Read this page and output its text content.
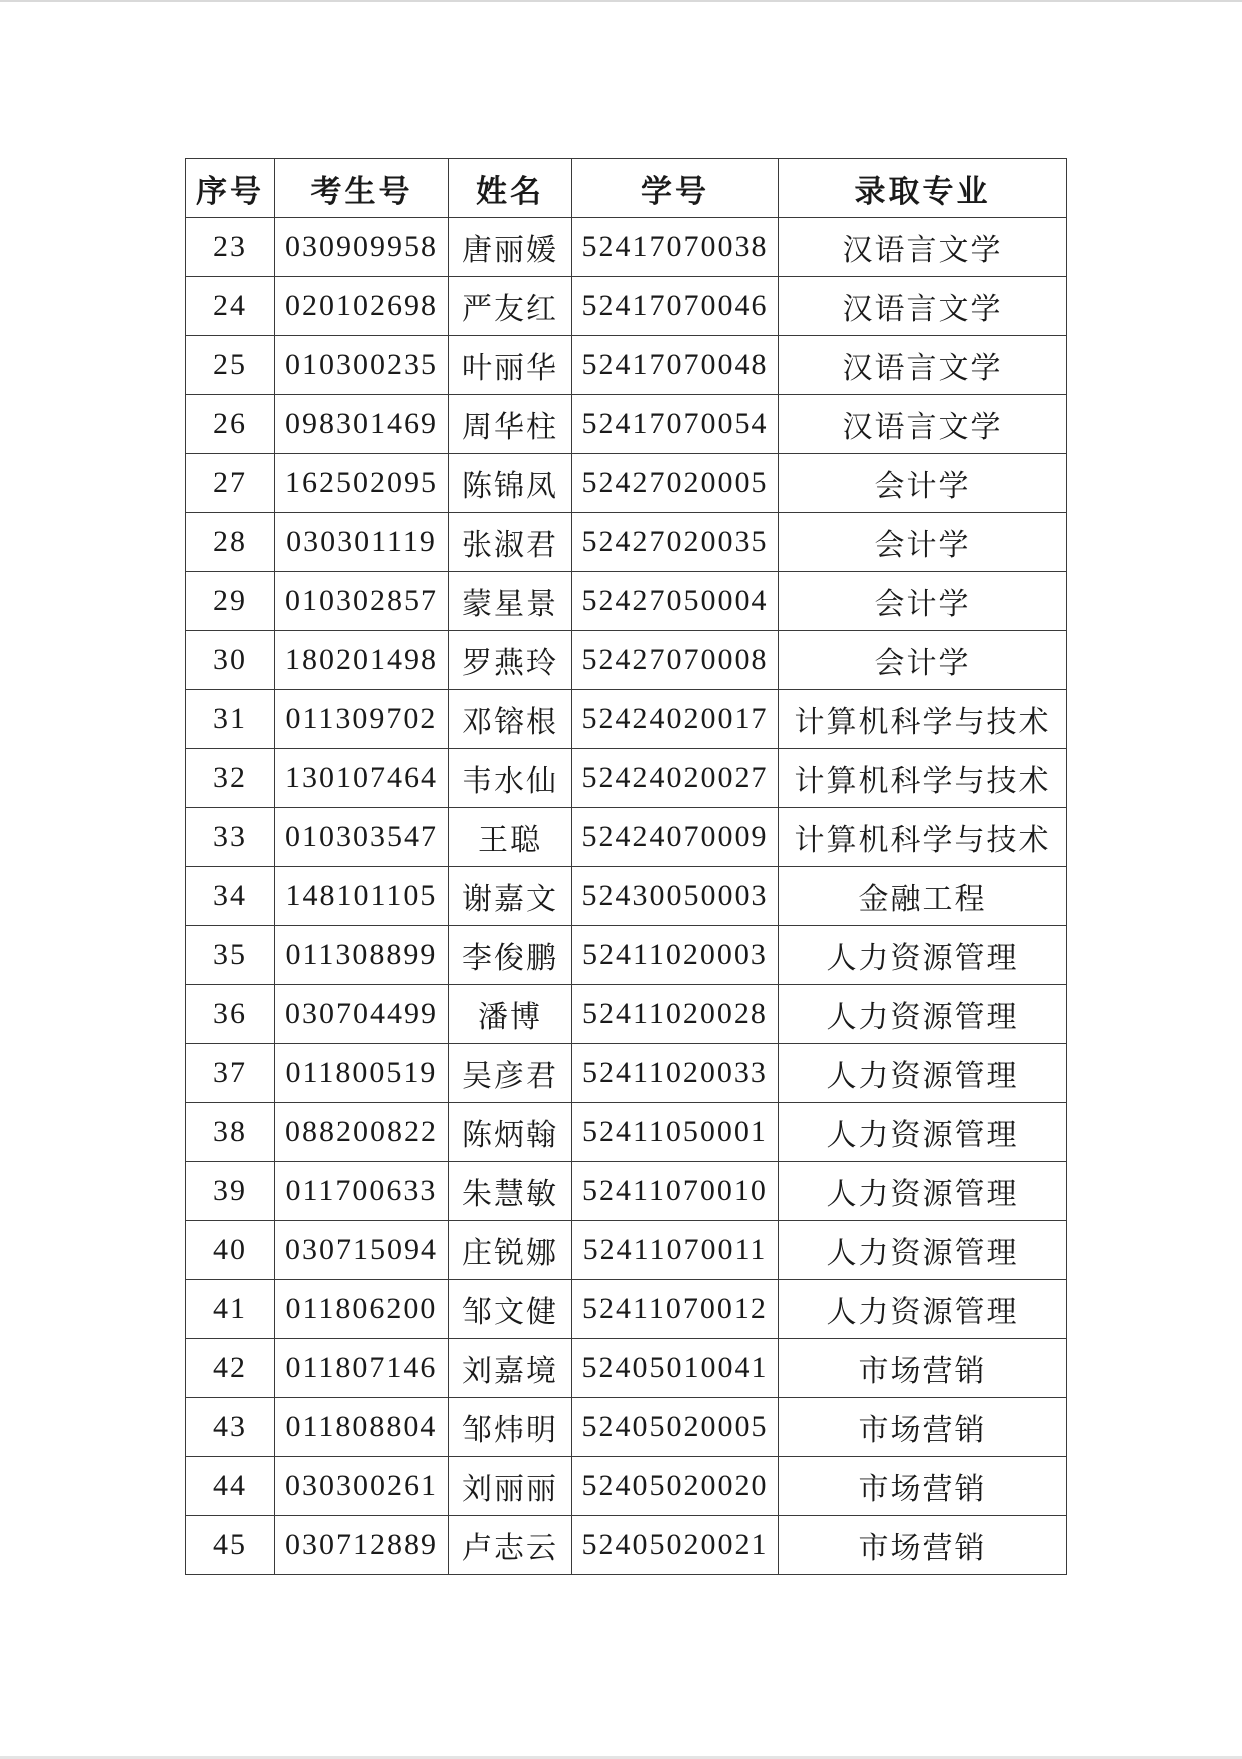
序号	考生号	姓名	学号	录取专业
23	030909958	唐丽媛	52417070038	汉语言文学
24	020102698	严友红	52417070046	汉语言文学
25	010300235	叶丽华	52417070048	汉语言文学
26	098301469	周华柱	52417070054	汉语言文学
27	162502095	陈锦凤	52427020005	会计学
28	030301119	张淑君	52427020035	会计学
29	010302857	蒙星景	52427050004	会计学
30	180201498	罗燕玲	52427070008	会计学
31	011309702	邓镕根	52424020017	计算机科学与技术
32	130107464	韦水仙	52424020027	计算机科学与技术
33	010303547	王聪	52424070009	计算机科学与技术
34	148101105	谢嘉文	52430050003	金融工程
35	011308899	李俊鹏	52411020003	人力资源管理
36	030704499	潘博	52411020028	人力资源管理
37	011800519	吴彦君	52411020033	人力资源管理
38	088200822	陈炳翰	52411050001	人力资源管理
39	011700633	朱慧敏	52411070010	人力资源管理
40	030715094	庄锐娜	52411070011	人力资源管理
41	011806200	邹文健	52411070012	人力资源管理
42	011807146	刘嘉境	52405010041	市场营销
43	011808804	邹炜明	52405020005	市场营销
44	030300261	刘丽丽	52405020020	市场营销
45	030712889	卢志云	52405020021	市场营销
